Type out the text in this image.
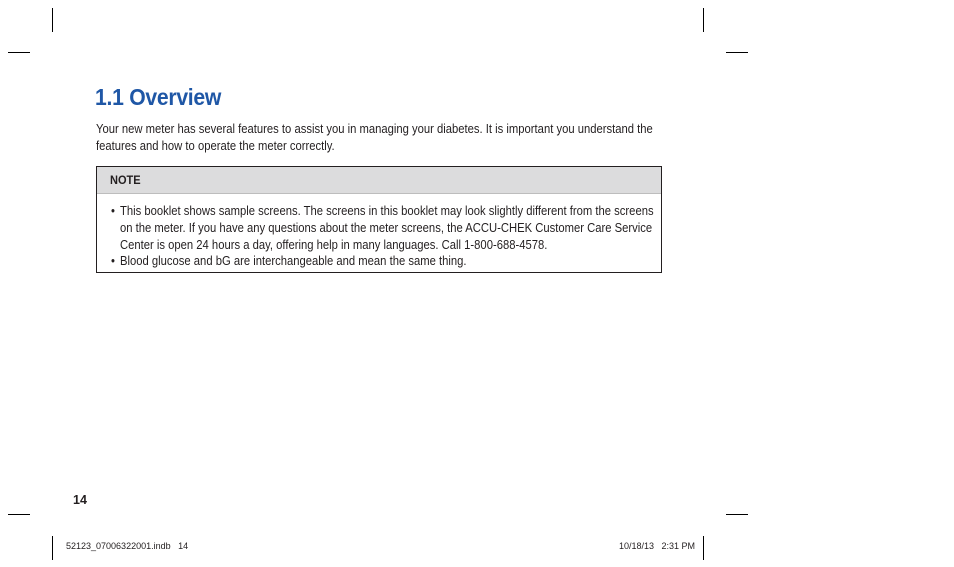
1.1 Overview

Your new meter has several features to assist you in managing your diabetes. It is important you understand the features and how to operate the meter correctly.

NOTE
• This booklet shows sample screens. The screens in this booklet may look slightly different from the screens on the meter. If you have any questions about the meter screens, the ACCU-CHEK Customer Care Service Center is open 24 hours a day, offering help in many languages. Call 1-800-688-4578.
• Blood glucose and bG are interchangeable and mean the same thing.
14
52123_07006322001.indb   14	10/18/13   2:31 PM
